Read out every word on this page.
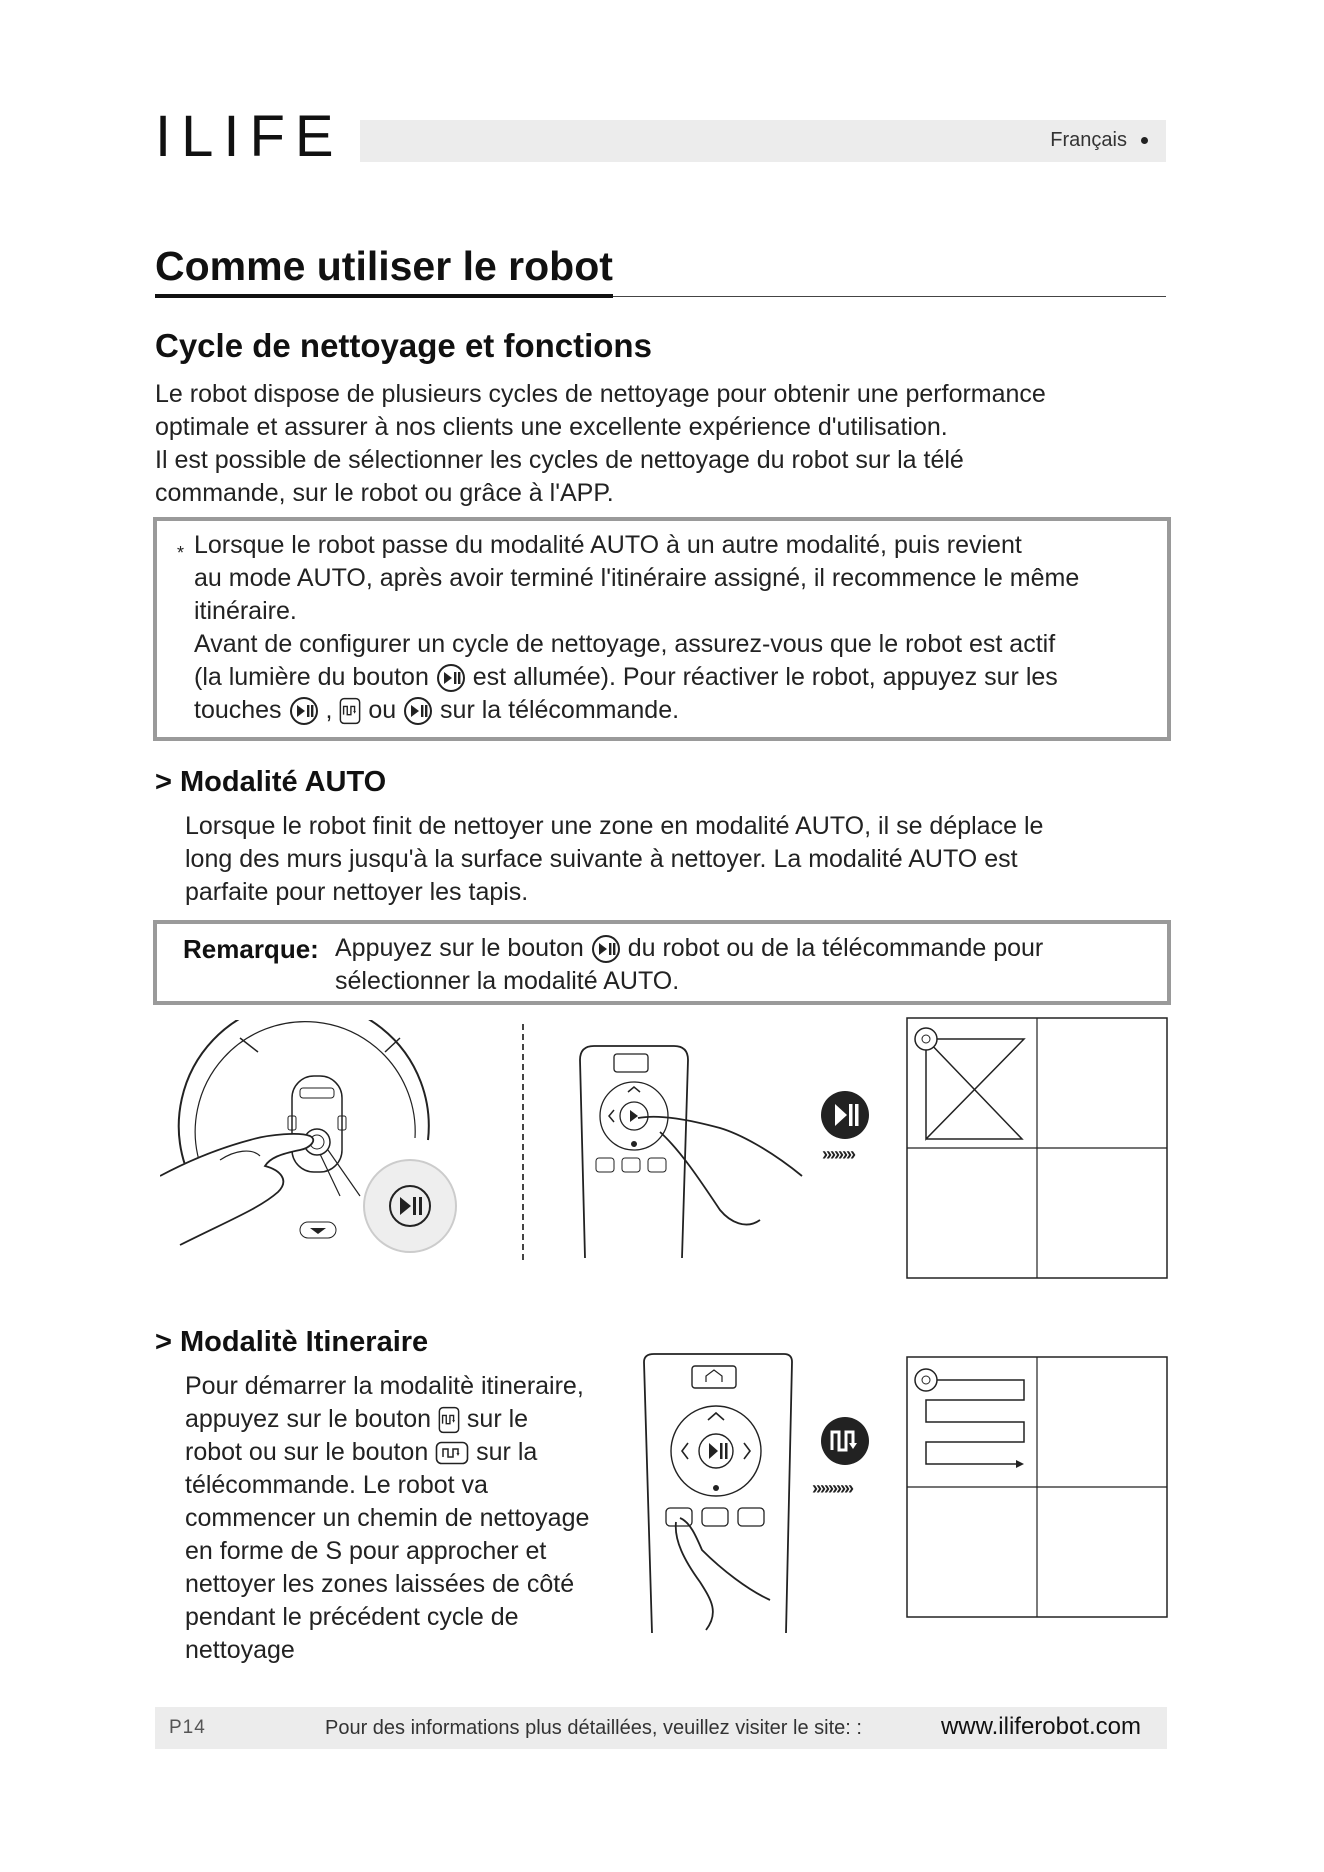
ILIFE	Français
Comme utiliser le robot
Cycle de nettoyage et fonctions
Le robot dispose de plusieurs cycles de nettoyage pour obtenir une performance
optimale et assurer à nos clients une excellente expérience d'utilisation.
Il est possible de sélectionner les cycles de nettoyage du robot sur la télé
commande, sur le robot ou grâce à l'APP.
* Lorsque le robot passe du modalité AUTO à un autre modalité, puis revient
au mode AUTO, après avoir terminé l'itinéraire assigné, il recommence le même
itinéraire.
Avant de configurer un cycle de nettoyage, assurez-vous que le robot est actif
(la lumière du bouton est allumée). Pour réactiver le robot, appuyez sur les
touches , ou sur la télécommande.
> Modalité AUTO
Lorsque le robot finit de nettoyer une zone en modalité AUTO, il se déplace le
long des murs jusqu'à la surface suivante à nettoyer. La modalité AUTO est
parfaite pour nettoyer les tapis.
Remarque: Appuyez sur le bouton du robot ou de la télécommande pour
sélectionner la modalité AUTO.
»»»»
> Modalitè Itineraire
Pour démarrer la modalitè itineraire,
appuyez sur le bouton sur le
robot ou sur le bouton sur la
télécommande. Le robot va
commencer un chemin de nettoyage
en forme de S pour approcher et
nettoyer les zones laissées de côté
pendant le précédent cycle de
nettoyage
»»»»»
P14	Pour des informations plus détaillées, veuillez visiter le site: :	www.iliferobot.com
